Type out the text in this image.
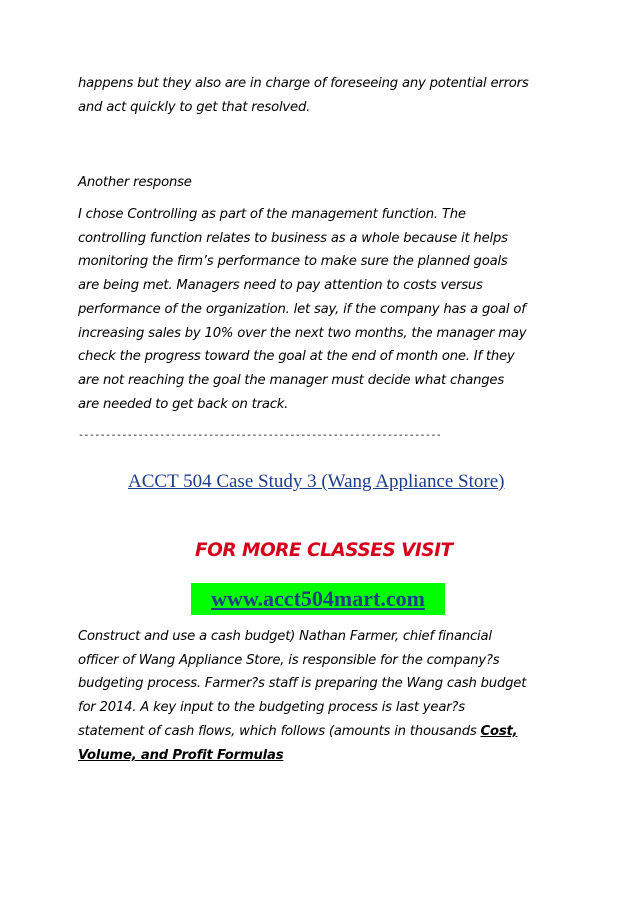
happens but they also are in charge of foreseeing any potential errors
and act quickly to get that resolved.

Another response

I chose Controlling as part of the management function. The
controlling function relates to business as a whole because it helps
monitoring the firm’s performance to make sure the planned goals
are being met. Managers need to pay attention to costs versus
performance of the organization. let say, if the company has a goal of
increasing sales by 10% over the next two months, the manager may
check the progress toward the goal at the end of month one. If they
are not reaching the goal the manager must decide what changes
are needed to get back on track.

-------------------------------------------------------------------

ACCT 504 Case Study 3 (Wang Appliance Store)

FOR MORE CLASSES VISIT

www.acct504mart.com

Construct and use a cash budget) Nathan Farmer, chief financial
officer of Wang Appliance Store, is responsible for the company?s
budgeting process. Farmer?s staff is preparing the Wang cash budget
for 2014. A key input to the budgeting process is last year?s
statement of cash flows, which follows (amounts in thousands Cost,
Volume, and Profit Formulas
